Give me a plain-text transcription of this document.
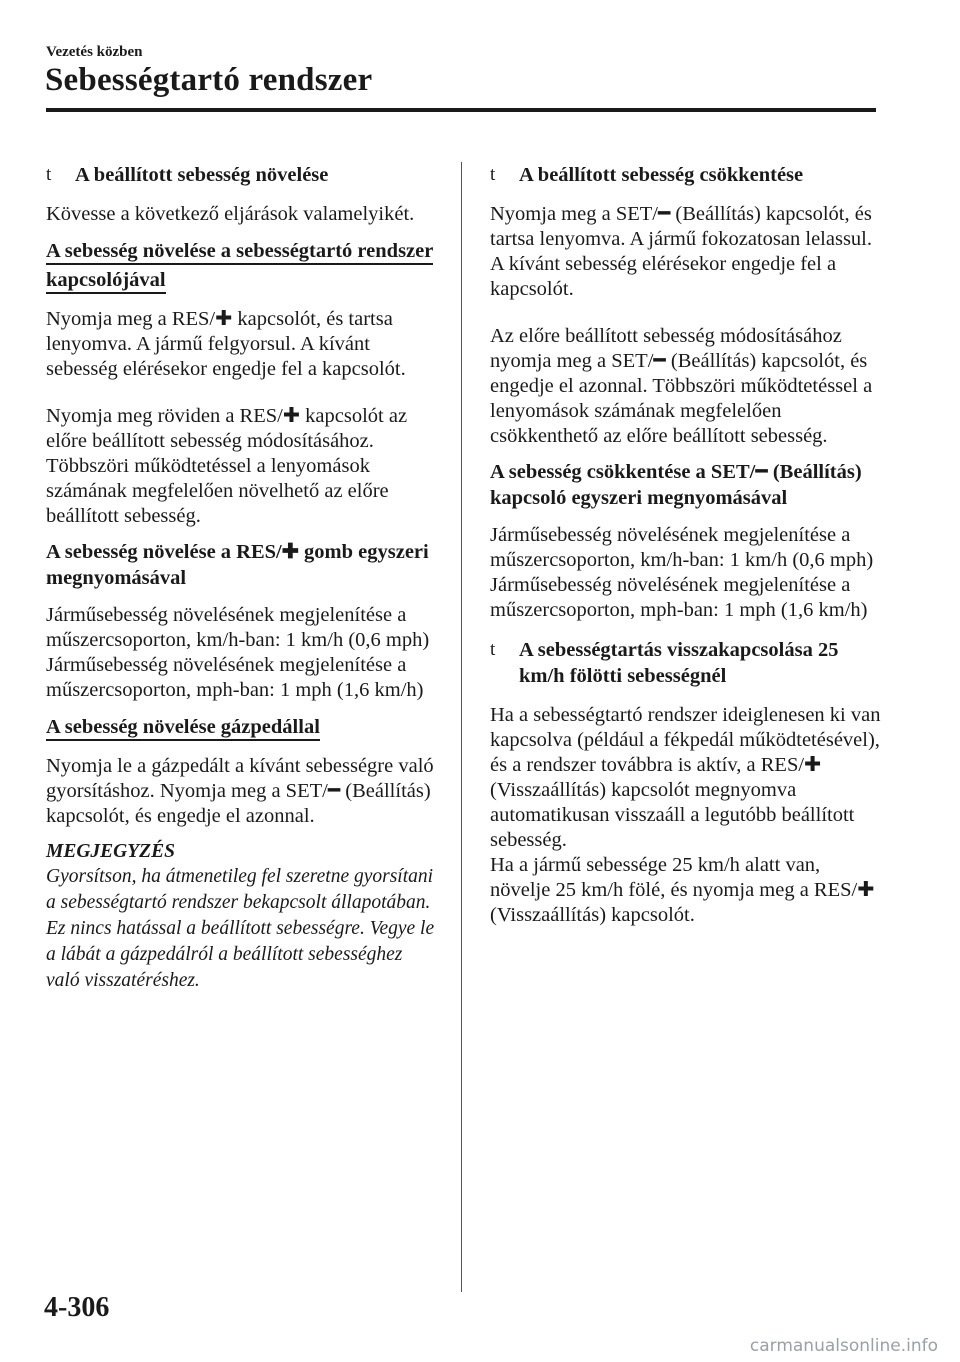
Vezetés közben
Sebességtartó rendszer
t A beállított sebesség növelése

Kövesse a következő eljárások valamelyikét.

A sebesség növelése a sebességtartó rendszer kapcsolójával

Nyomja meg a RES/✚ kapcsolót, és tartsa lenyomva. A jármű felgyorsul. A kívánt sebesség elérésekor engedje fel a kapcsolót.

Nyomja meg röviden a RES/✚ kapcsolót az előre beállított sebesség módosításához. Többszöri működtetéssel a lenyomások számának megfelelően növelhető az előre beállított sebesség.

A sebesség növelése a RES/✚ gomb egyszeri megnyomásával

Járműsebesség növelésének megjelenítése a műszercsoporton, km/h-ban: 1 km/h (0,6 mph)

Járműsebesség növelésének megjelenítése a műszercsoporton, mph-ban: 1 mph (1,6 km/h)

A sebesség növelése gázpedállal

Nyomja le a gázpedált a kívánt sebességre való gyorsításhoz. Nyomja meg a SET/━ (Beállítás) kapcsolót, és engedje el azonnal.

MEGJEGYZÉS

Gyorsítson, ha átmenetileg fel szeretne gyorsítani a sebességtartó rendszer bekapcsolt állapotában. Ez nincs hatással a beállított sebességre. Vegye le a lábát a gázpedálról a beállított sebességhez való visszatéréshez.

t A beállított sebesség csökkentése

Nyomja meg a SET/━ (Beállítás) kapcsolót, és tartsa lenyomva. A jármű fokozatosan lelassul.

A kívánt sebesség elérésekor engedje fel a kapcsolót.

Az előre beállított sebesség módosításához nyomja meg a SET/━ (Beállítás) kapcsolót, és engedje el azonnal. Többszöri működtetéssel a lenyomások számának megfelelően csökkenthető az előre beállított sebesség.

A sebesség csökkentése a SET/━ (Beállítás) kapcsoló egyszeri megnyomásával

Járműsebesség növelésének megjelenítése a műszercsoporton, km/h-ban: 1 km/h (0,6 mph)

Járműsebesség növelésének megjelenítése a műszercsoporton, mph-ban: 1 mph (1,6 km/h)

t A sebességtartás visszakapcsolása 25 km/h fölötti sebességnél

Ha a sebességtartó rendszer ideiglenesen ki van kapcsolva (például a fékpedál működtetésével), és a rendszer továbbra is aktív, a RES/✚ (Visszaállítás) kapcsolót megnyomva automatikusan visszaáll a legutóbb beállított sebesség.

Ha a jármű sebessége 25 km/h alatt van, növelje 25 km/h fölé, és nyomja meg a RES/✚ (Visszaállítás) kapcsolót.

4-306
carmanualsonline.info
